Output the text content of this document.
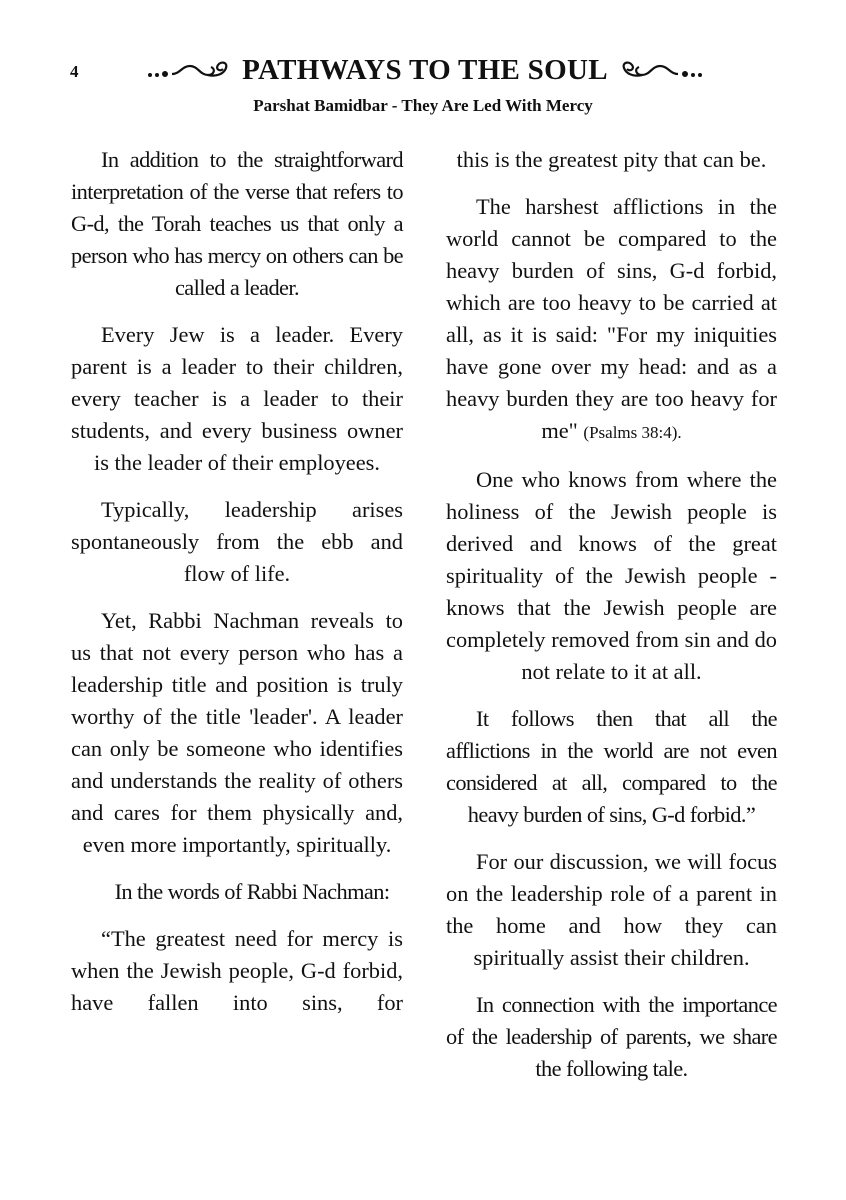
4	PATHWAYS TO THE SOUL
Parshat Bamidbar - They Are Led With Mercy

In addition to the straightforward interpretation of the verse that refers to G-d, the Torah teaches us that only a person who has mercy on others can be called a leader.

Every Jew is a leader. Every parent is a leader to their children, every teacher is a leader to their students, and every business owner is the leader of their employees.

Typically, leadership arises spontaneously from the ebb and flow of life.

Yet, Rabbi Nachman reveals to us that not every person who has a leadership title and position is truly worthy of the title 'leader'. A leader can only be someone who identifies and understands the reality of others and cares for them physically and, even more importantly, spiritually.

In the words of Rabbi Nachman:

“The greatest need for mercy is when the Jewish people, G-d forbid, have fallen into sins, for

this is the greatest pity that can be.

The harshest afflictions in the world cannot be compared to the heavy burden of sins, G-d forbid, which are too heavy to be carried at all, as it is said: "For my iniquities have gone over my head: and as a heavy burden they are too heavy for me" (Psalms 38:4).

One who knows from where the holiness of the Jewish people is derived and knows of the great spirituality of the Jewish people - knows that the Jewish people are completely removed from sin and do not relate to it at all.

It follows then that all the afflictions in the world are not even considered at all, compared to the heavy burden of sins, G-d forbid.”

For our discussion, we will focus on the leadership role of a parent in the home and how they can spiritually assist their children.

In connection with the importance of the leadership of parents, we share the following tale.
